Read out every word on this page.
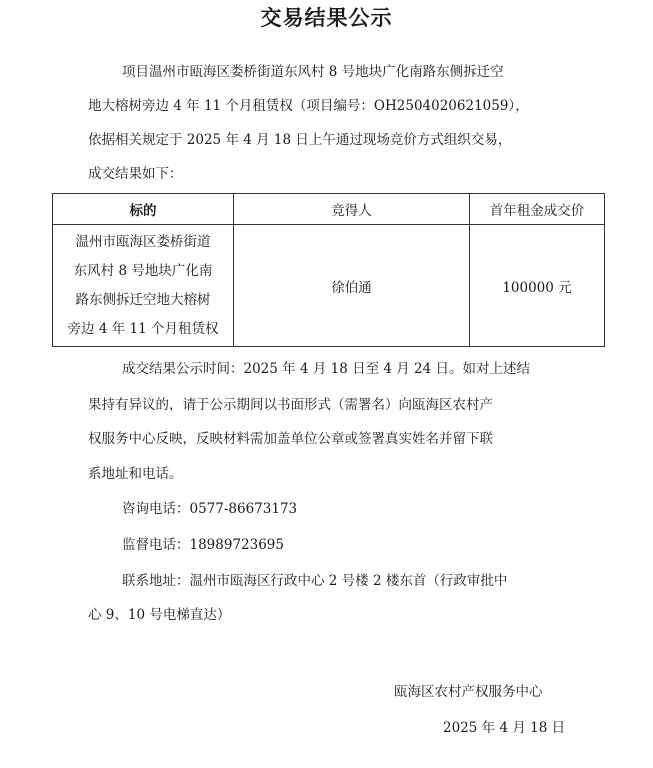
交易结果公示
项目温州市瓯海区娄桥街道东风村 8 号地块广化南路东侧拆迁空
地大榕树旁边 4 年 11 个月租赁权（项目编号：OH2504020621059），
依据相关规定于 2025 年 4 月 18 日上午通过现场竞价方式组织交易，
成交结果如下：
标的	竞得人	首年租金成交价

温州市瓯海区娄桥街道
东风村 8 号地块广化南
路东侧拆迁空地大榕树
旁边 4 年 11 个月租赁权	徐伯通	100000 元
成交结果公示时间：2025 年 4 月 18 日至 4 月 24 日。如对上述结
果持有异议的，请于公示期间以书面形式（需署名）向瓯海区农村产
权服务中心反映，反映材料需加盖单位公章或签署真实姓名并留下联
系地址和电话。
咨询电话：0577-86673173
监督电话：18989723695
联系地址：温州市瓯海区行政中心 2 号楼 2 楼东首（行政审批中
心 9、10 号电梯直达）
瓯海区农村产权服务中心
2025 年 4 月 18 日
